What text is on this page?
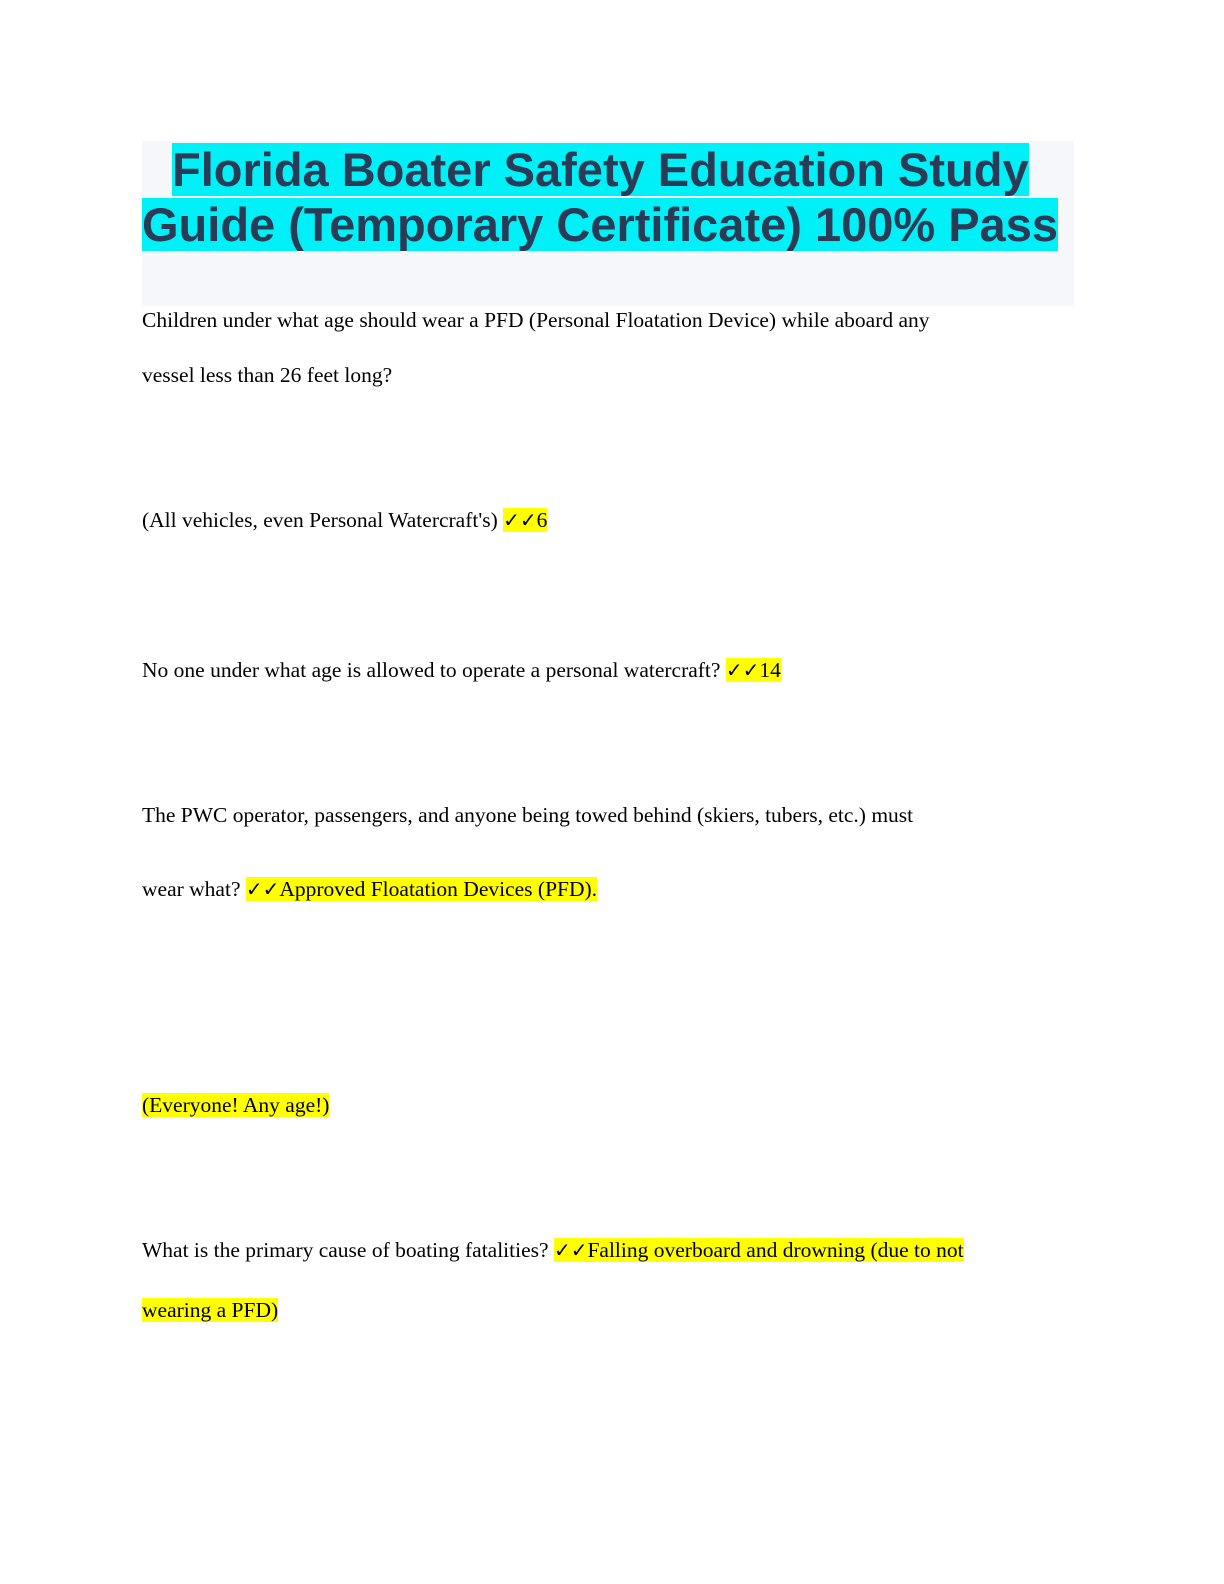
Florida Boater Safety Education Study
Guide (Temporary Certificate) 100% Pass
Children under what age should wear a PFD (Personal Floatation Device) while aboard any
vessel less than 26 feet long?
(All vehicles, even Personal Watercraft's) ✓✓6
No one under what age is allowed to operate a personal watercraft? ✓✓14
The PWC operator, passengers, and anyone being towed behind (skiers, tubers, etc.) must
wear what? ✓✓Approved Floatation Devices (PFD).
(Everyone! Any age!)
What is the primary cause of boating fatalities? ✓✓Falling overboard and drowning (due to not
wearing a PFD)
